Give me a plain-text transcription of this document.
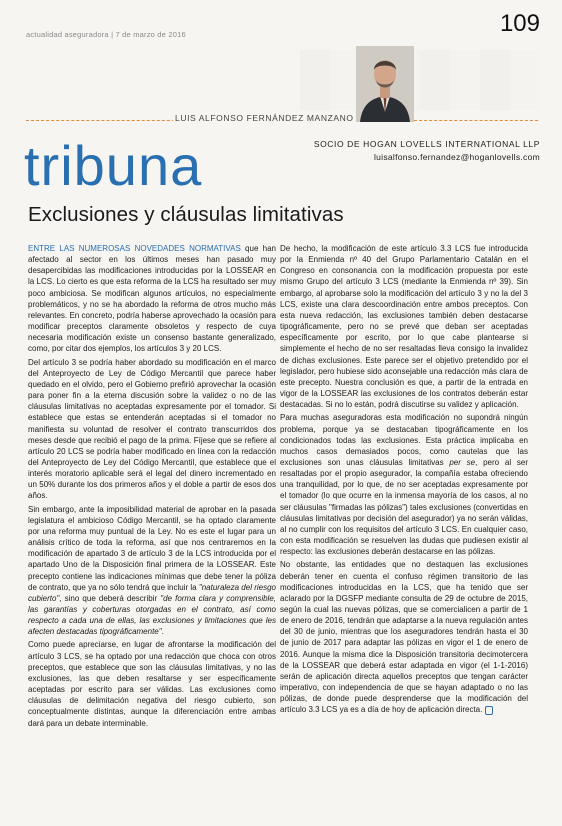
actualidad aseguradora | 7 de marzo de 2016	109
LUIS ALFONSO FERNÁNDEZ MANZANO
SOCIO DE HOGAN LOVELLS INTERNATIONAL LLP
luisalfonso.fernandez@hoganlovells.com
tribuna
Exclusiones y cláusulas limitativas

ENTRE LAS NUMEROSAS NOVEDADES NORMATIVAS que han afectado al sector en los últimos meses han pasado muy desapercibidas las modificaciones introducidas por la LOSSEAR en la LCS. Lo cierto es que esta reforma de la LCS ha resultado ser muy poco ambiciosa. Se modifican algunos artículos, no especialmente problemáticos, y no se ha abordado la reforma de otros mucho más relevantes. En concreto, podría haberse aprovechado la ocasión para modificar preceptos claramente obsoletos y respecto de cuya necesaria modificación existe un consenso bastante generalizado, como, por citar dos ejemplos, los artículos 3 y 20 LCS.

Del artículo 3 se podría haber abordado su modificación en el marco del Anteproyecto de Ley de Código Mercantil que parece haber quedado en el olvido, pero el Gobierno prefirió aprovechar la ocasión para poner fin a la eterna discusión sobre la validez o no de las cláusulas limitativas no aceptadas expresamente por el tomador. Si establece que estas se entenderán aceptadas si el tomador no manifiesta su voluntad de resolver el contrato transcurridos dos meses desde que recibió el pago de la prima. Fíjese que se refiere al artículo 20 LCS se podría haber modificado en línea con la redacción del Anteproyecto de Ley del Código Mercantil, que establece que el interés moratorio aplicable será el legal del dinero incrementado en un 50% durante los dos primeros años y el doble a partir de esos dos años.

Sin embargo, ante la imposibilidad material de aprobar en la pasada legislatura el ambicioso Código Mercantil, se ha optado claramente por una reforma muy puntual de la Ley. No es este el lugar para un análisis crítico de toda la reforma, así que nos centraremos en la modificación de apartado 3 de artículo 3 de la LCS introducida por el apartado Uno de la Disposición final primera de la LOSSEAR. Este precepto contiene las indicaciones mínimas que debe tener la póliza de contrato, que ya no sólo tendrá que incluir la "naturaleza del riesgo cubierto", sino que deberá describir "de forma clara y comprensible, las garantías y coberturas otorgadas en el contrato, así como respecto a cada una de ellas, las exclusiones y limitaciones que les afecten destacadas tipográficamente".

Como puede apreciarse, en lugar de afrontarse la modificación del artículo 3 LCS, se ha optado por una redacción que choca con otros preceptos, que establece que son las cláusulas limitativas, y no las exclusiones, las que deben resaltarse y ser específicamente aceptadas por escrito para ser válidas. Las exclusiones como cláusulas de delimitación negativa del riesgo cubierto, son conceptualmente distintas, aunque la diferenciación entre ambas dará para un debate interminable.

De hecho, la modificación de este artículo 3.3 LCS fue introducida por la Enmienda nº 40 del Grupo Parlamentario Catalán en el Congreso en consonancia con la modificación propuesta por este mismo Grupo del artículo 3 LCS (mediante la Enmienda nº 39). Sin embargo, al aprobarse solo la modificación del artículo 3 y no la del 3 LCS, existe una clara descoordinación entre ambos preceptos. Con esta nueva redacción, las exclusiones también deben destacarse tipográficamente, pero no se prevé que deban ser aceptadas específicamente por escrito, por lo que cabe plantearse si simplemente el hecho de no ser resaltadas lleva consigo la invalidez de dichas exclusiones. Este parece ser el objetivo pretendido por el legislador, pero hubiese sido aconsejable una redacción más clara de este precepto. Nuestra conclusión es que, a partir de la entrada en vigor de la LOSSEAR las exclusiones de los contratos deberán estar destacadas. Si no lo están, podrá discutirse su validez y aplicación.

Para muchas aseguradoras esta modificación no supondrá ningún problema, porque ya se destacaban tipográficamente en los condicionados todas las exclusiones. Esta práctica implicaba en muchos casos demasiados pocos, como cautelas que las exclusiones son unas cláusulas limitativas per se, pero al ser resaltadas por el propio asegurador, la compañía estaba ofreciendo una tranquilidad, por lo que, de no ser aceptadas expresamente por el tomador (lo que ocurre en la inmensa mayoría de los casos, al no ser cláusulas "firmadas las pólizas") tales exclusiones (convertidas en cláusulas limitativas por decisión del asegurador) ya no serán válidas, al no cumplir con los requisitos del artículo 3 LCS. En cualquier caso, con esta modificación se resuelven las dudas que pudiesen existir al respecto: las exclusiones deberán destacarse en las pólizas.

No obstante, las entidades que no destaquen las exclusiones deberán tener en cuenta el confuso régimen transitorio de las modificaciones introducidas en la LCS, que ha tenido que ser aclarado por la DGSFP mediante consulta de 29 de octubre de 2015, según la cual las nuevas pólizas, que se comercialicen a partir de 1 de enero de 2016, tendrán que adaptarse a la nueva regulación antes del 30 de junio, mientras que los aseguradores tendrán hasta el 30 de junio de 2017 para adaptar las pólizas en vigor el 1 de enero de 2016. Aunque la misma dice la Disposición transitoria decimotercera de la LOSSEAR que deberá estar adaptada en vigor (el 1-1-2016) serán de aplicación directa aquellos preceptos que tengan carácter imperativo, con independencia de que se hayan adaptado o no las pólizas, de donde puede desprenderse que la modificación del artículo 3.3 LCS ya es a día de hoy de aplicación directa.
